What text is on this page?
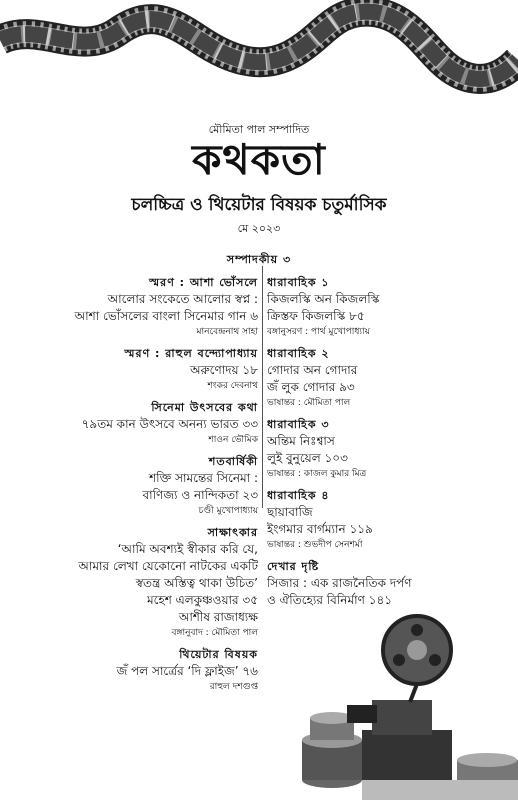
মৌমিতা পাল সম্পাদিত
কথকতা
চলচ্চিত্র ও থিয়েটার বিষয়ক চতুর্মাসিক
মে ২০২৩
সম্পাদকীয় ৩
স্মরণ : আশা ভোঁসলে
আলোর সংকেতে আলোর স্বপ্ন :
আশা ভোঁসলের বাংলা সিনেমার গান ৬
মানবেন্দ্রনাথ সাহা
স্মরণ : রাহুল বন্দ্যোপাধ্যায়
অরুণোদয় ১৮
শংকর দেবনাথ
সিনেমা উৎসবের কথা
৭৯তম কান উৎসবে অনন্য ভারত ৩৩
শাওন ভৌমিক
শতবার্ষিকী
শক্তি সামন্তের সিনেমা :
বাণিজ্য ও নান্দিকতা ২৩
চণ্ডী মুখোপাধ্যায়
সাক্ষাৎকার
‘আমি অবশ্যই স্বীকার করি যে,
আমার লেখা যেকোনো নাটকের একটি
স্বতন্ত্র অস্তিত্ব থাকা উচিত’
মহেশ এলকুঞ্চওয়ার ৩৫
আশীষ রাজাধ্যক্ষ
বঙ্গানুবাদ : মৌমিতা পাল
থিয়েটার বিষয়ক
জঁ পল সার্ত্রের ‘দি ফ্লাইজ’ ৭৬
রাহুল দশগুপ্ত
ধারাবাহিক ১
কিজলস্কি অন কিজলস্কি
ক্রিস্তফ কিজলস্কি ৮৫
বঙ্গানুসরণ : পার্থ মুখোপাধ্যায়
ধারাবাহিক ২
গোদার অন গোদার
জঁ লুক গোদার ৯৩
ভাষান্তর : মৌমিতা পাল
ধারাবাহিক ৩
অন্তিম নিঃশ্বাস
লুই বুনুয়েল ১০৩
ভাষান্তর : কাজল কুমার মিত্র
ধারাবাহিক ৪
ছায়াবাজি
ইংগমার বার্গম্যান ১১৯
ভাষান্তর : শুভদীপ সেনশর্মা
দেখার দৃষ্টি
সিজার : এক রাজনৈতিক দর্পণ
ও ঐতিহ্যের বিনির্মাণ ১৪১
